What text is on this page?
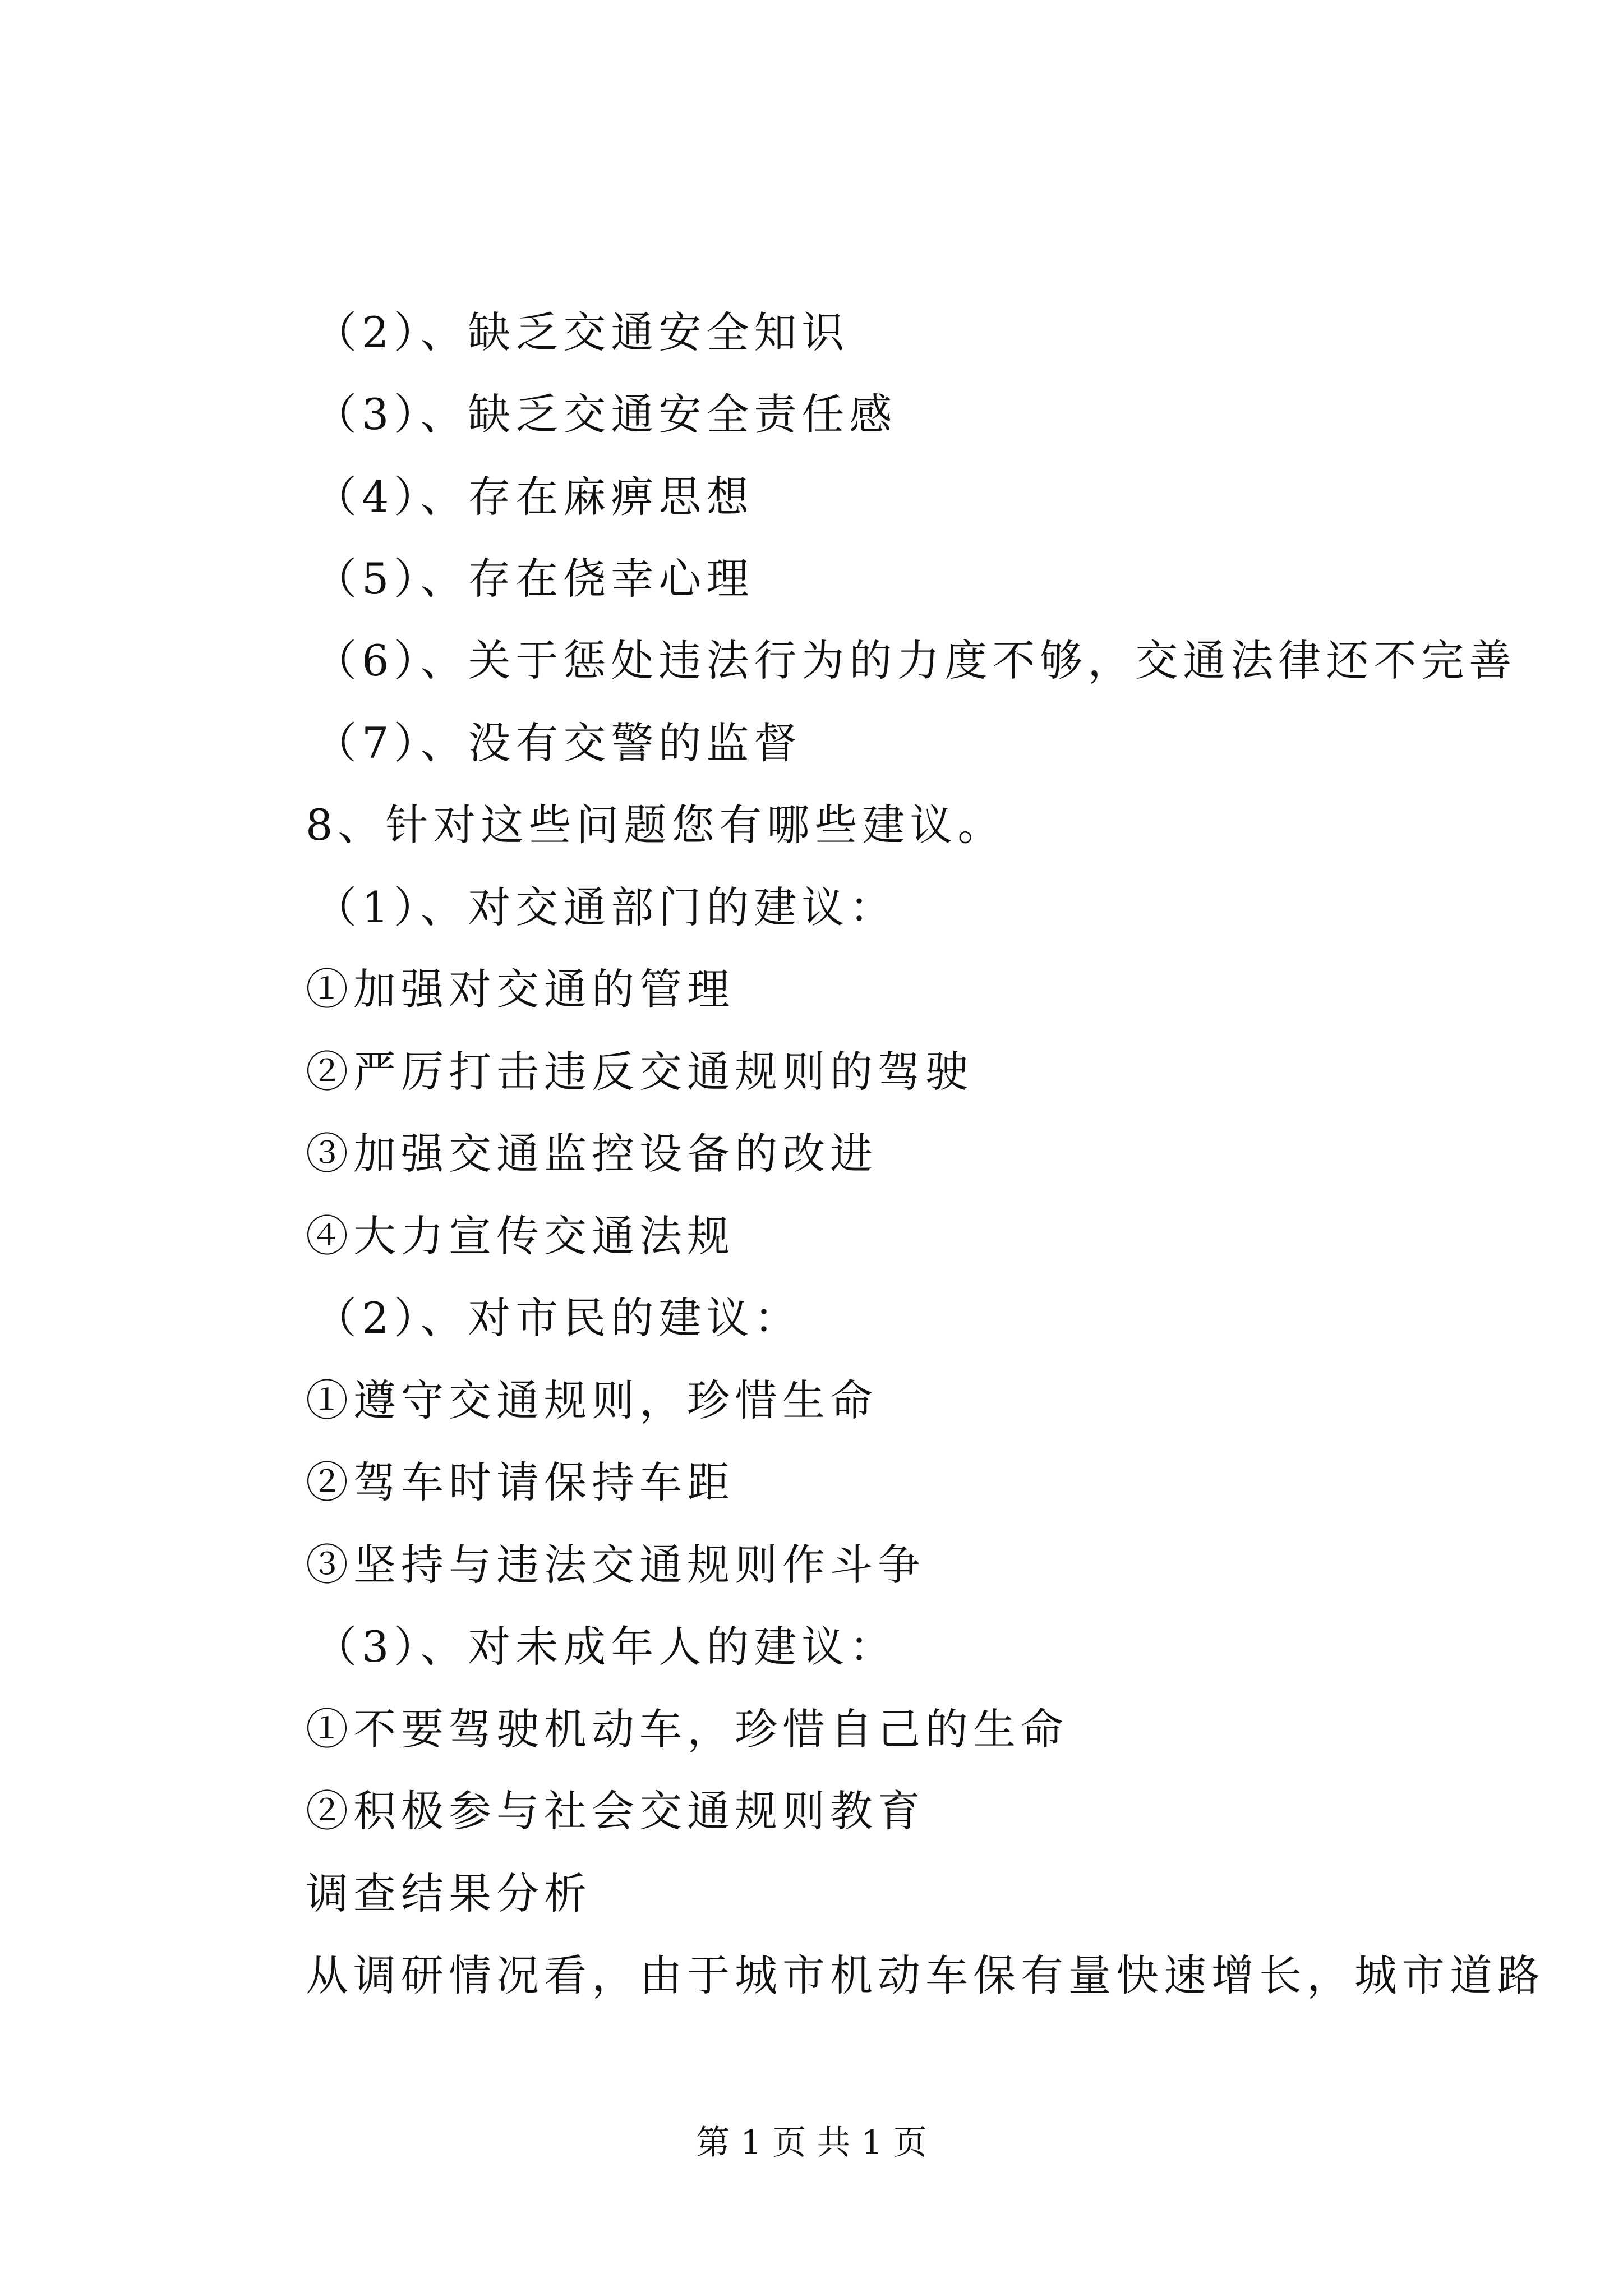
（2）、缺乏交通安全知识
（3）、缺乏交通安全责任感
（4）、存在麻痹思想
（5）、存在侥幸心理
（6）、关于惩处违法行为的力度不够，交通法律还不完善
（7）、没有交警的监督
8、针对这些问题您有哪些建议。
（1）、对交通部门的建议：
①加强对交通的管理
②严厉打击违反交通规则的驾驶
③加强交通监控设备的改进
④大力宣传交通法规
（2）、对市民的建议：
①遵守交通规则，珍惜生命
②驾车时请保持车距
③坚持与违法交通规则作斗争
（3）、对未成年人的建议：
①不要驾驶机动车，珍惜自己的生命
②积极参与社会交通规则教育
调查结果分析
从调研情况看，由于城市机动车保有量快速增长，城市道路
第 1 页 共 1 页
